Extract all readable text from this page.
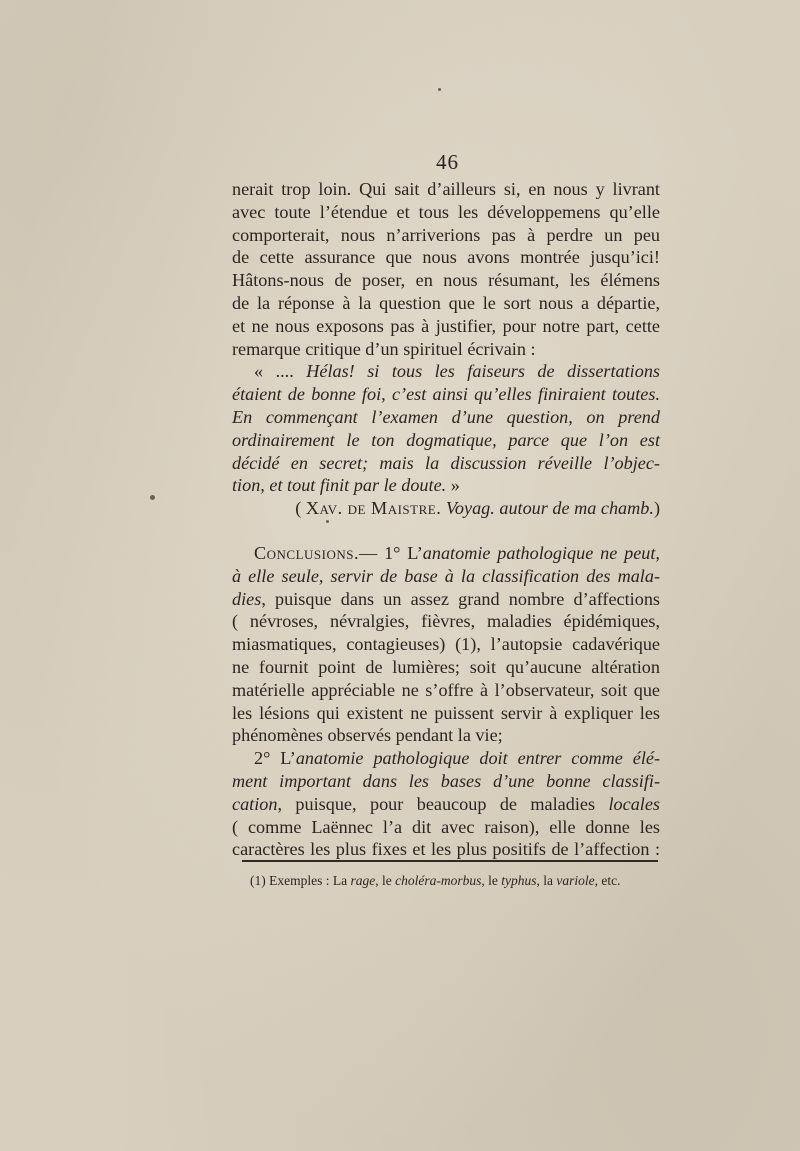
46
nerait trop loin. Qui sait d’ailleurs si, en nous y livrant
avec toute l’étendue et tous les développemens qu’elle
comporterait, nous n’arriverions pas à perdre un peu
de cette assurance que nous avons montrée jusqu’ici!
Hâtons-nous de poser, en nous résumant, les élémens
de la réponse à la question que le sort nous a départie,
et ne nous exposons pas à justifier, pour notre part, cette
remarque critique d’un spirituel écrivain :
« .... Hélas! si tous les faiseurs de dissertations
étaient de bonne foi, c’est ainsi qu’elles finiraient toutes.
En commençant l’examen d’une question, on prend
ordinairement le ton dogmatique, parce que l’on est
décidé en secret; mais la discussion réveille l’objec-
tion, et tout finit par le doute. »
( Xav. de Maistre. Voyag. autour de ma chamb.)
Conclusions.— 1° L’anatomie pathologique ne peut,
à elle seule, servir de base à la classification des mala-
dies, puisque dans un assez grand nombre d’affections
( névroses, névralgies, fièvres, maladies épidémiques,
miasmatiques, contagieuses) (1), l’autopsie cadavérique
ne fournit point de lumières; soit qu’aucune altération
matérielle appréciable ne s’offre à l’observateur, soit que
les lésions qui existent ne puissent servir à expliquer les
phénomènes observés pendant la vie;
2° L’anatomie pathologique doit entrer comme élé-
ment important dans les bases d’une bonne classifi-
cation, puisque, pour beaucoup de maladies locales
( comme Laënnec l’a dit avec raison), elle donne les
caractères les plus fixes et les plus positifs de l’affection :
(1) Exemples : La rage, le choléra-morbus, le typhus, la variole, etc.
